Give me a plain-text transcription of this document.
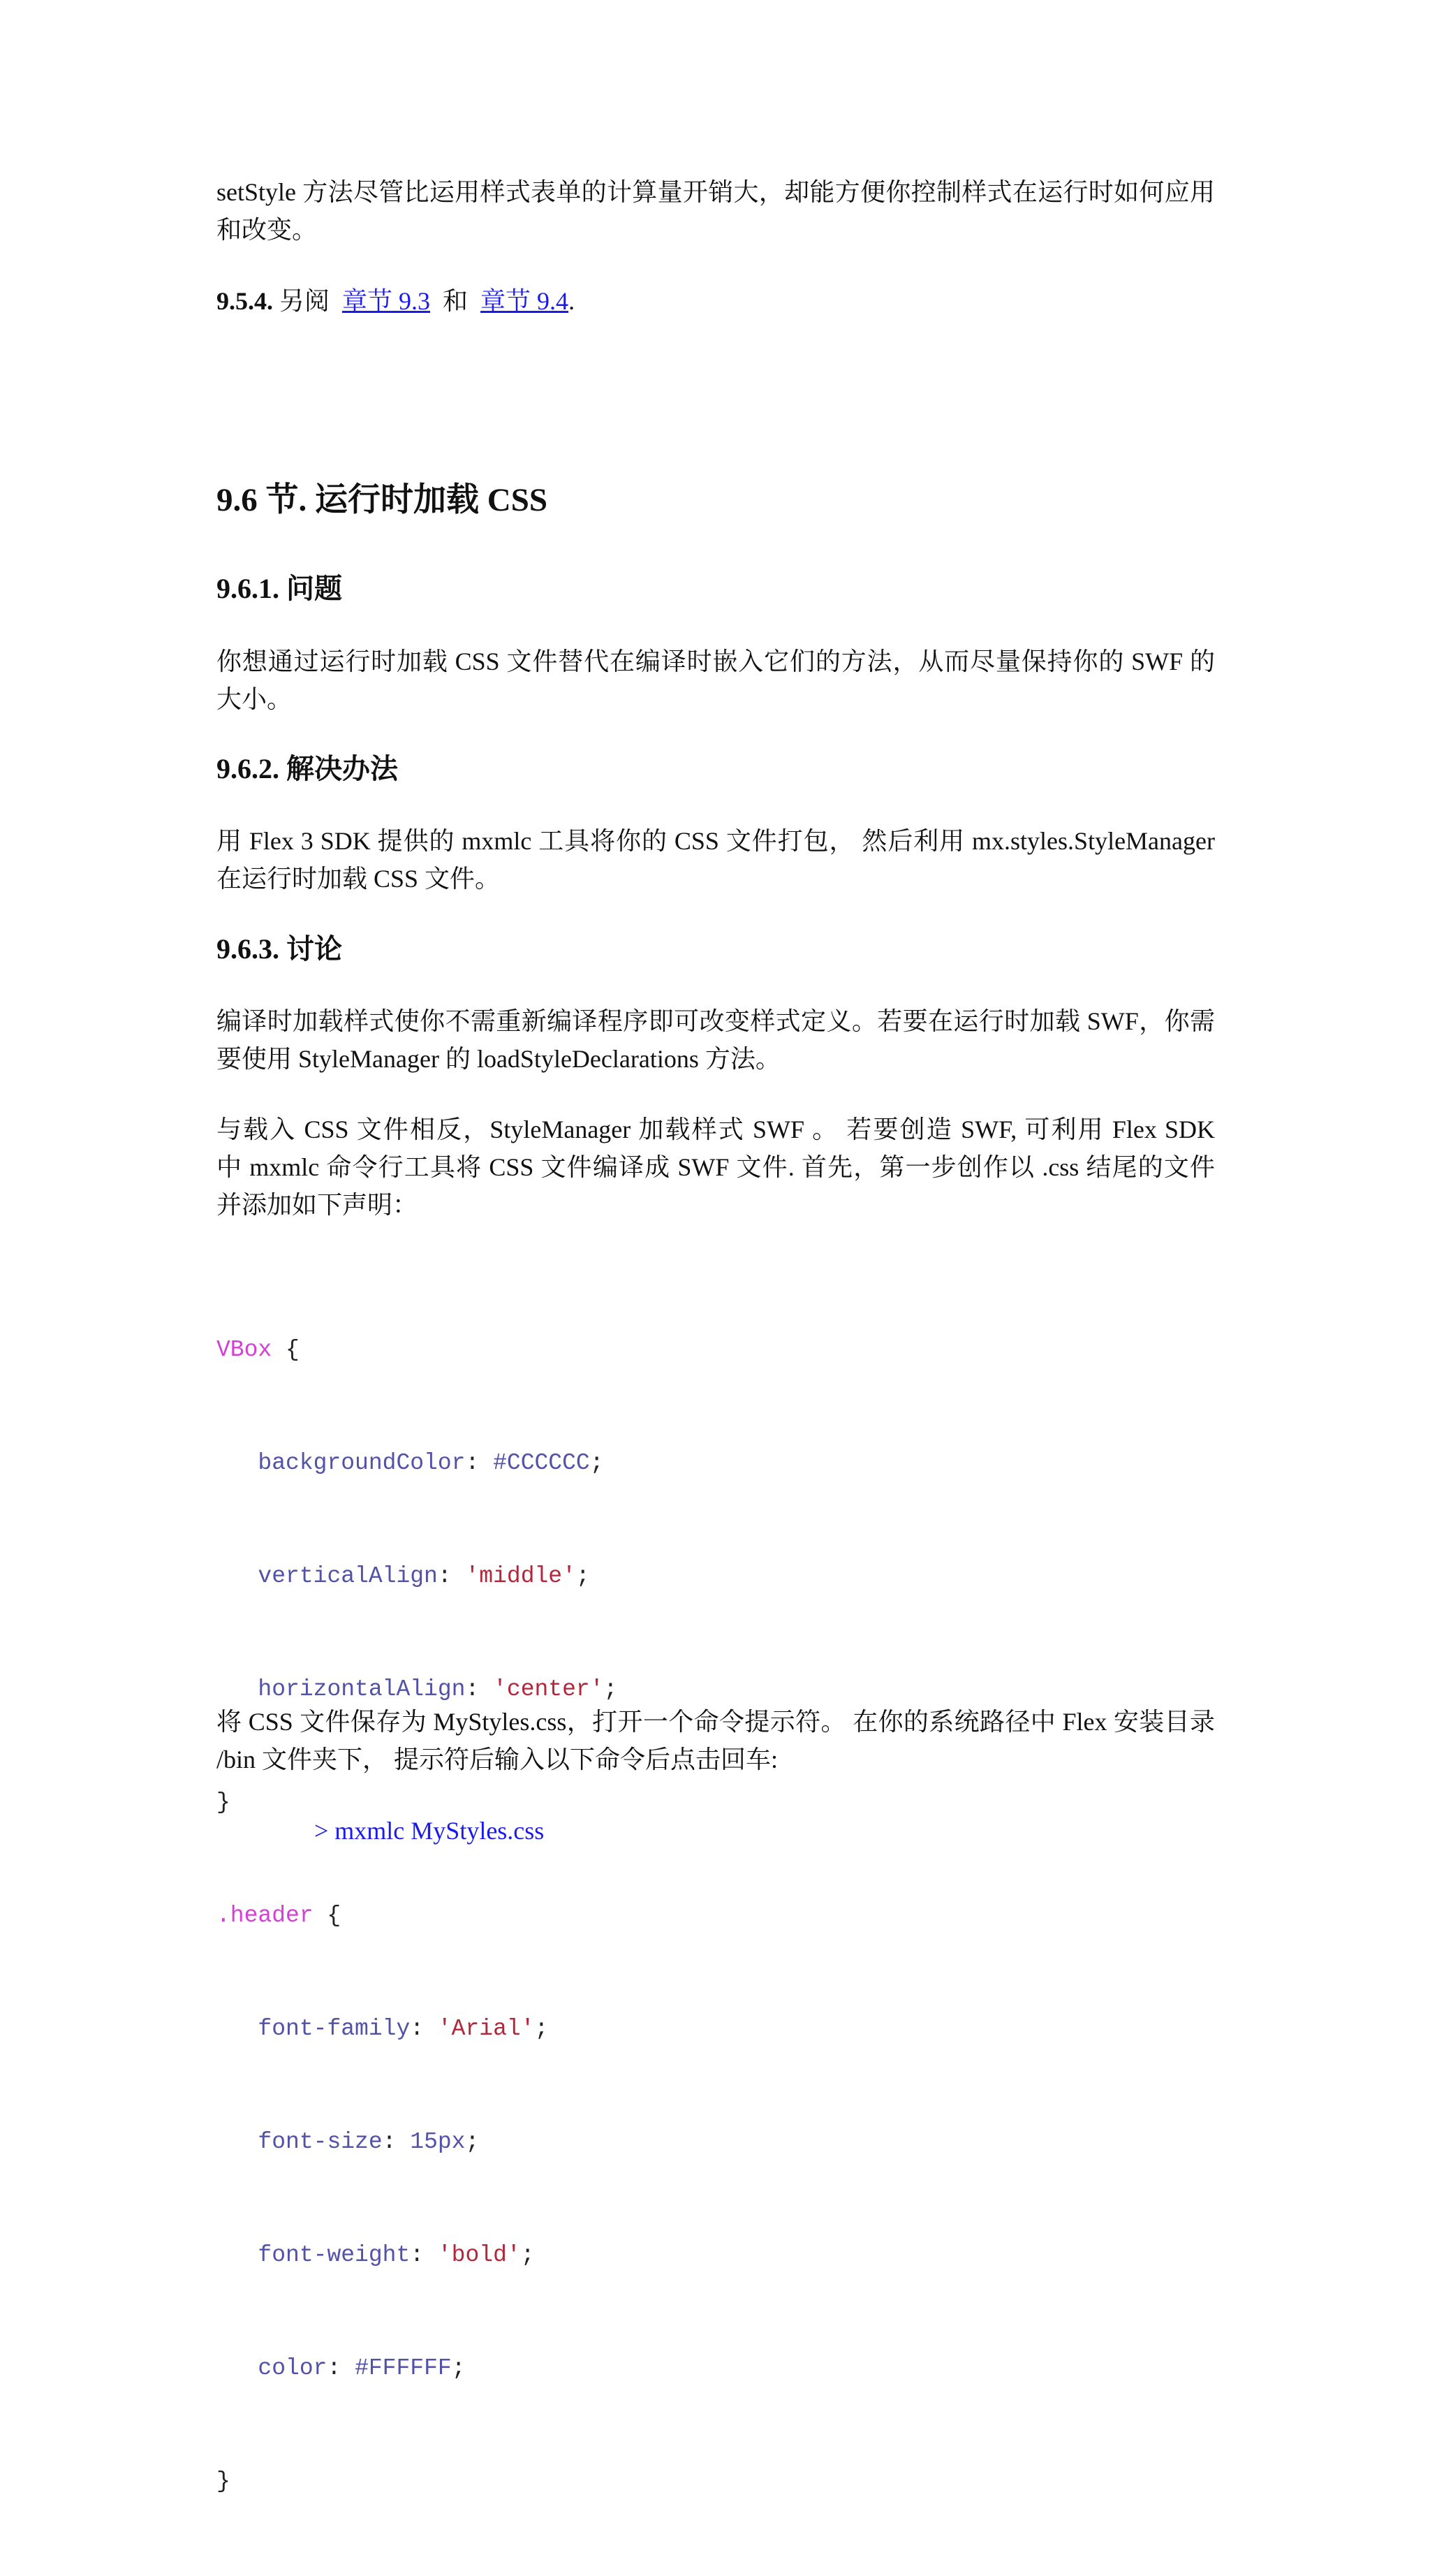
setStyle 方法尽管比运用样式表单的计算量开销大，却能方便你控制样式在运行时如何应用
和改变。

9.5.4. 另阅 章节 9.3 和 章节 9.4.

9.6 节. 运行时加载 CSS
9.6.1. 问题

你想通过运行时加载 CSS 文件替代在编译时嵌入它们的方法，从而尽量保持你的 SWF 的
大小。

9.6.2. 解决办法

用 Flex 3 SDK 提供的 mxmlc 工具将你的 CSS 文件打包， 然后利用 mx.styles.StyleManager
在运行时加载 CSS 文件。

9.6.3. 讨论

编译时加载样式使你不需重新编译程序即可改变样式定义。若要在运行时加载 SWF，你需
要使用 StyleManager 的 loadStyleDeclarations 方法。

与载入 CSS 文件相反，StyleManager 加载样式 SWF 。 若要创造 SWF, 可利用 Flex SDK
中 mxmlc 命令行工具将 CSS 文件编译成 SWF 文件. 首先，第一步创作以 .css 结尾的文件
并添加如下声明：

VBox {

backgroundColor: #CCCCCC;

verticalAlign: 'middle';

horizontalAlign: 'center';

}

.header {

font-family: 'Arial';

font-size: 15px;

font-weight: 'bold';

color: #FFFFFF;

}

将 CSS 文件保存为 MyStyles.css，打开一个命令提示符。 在你的系统路径中 Flex 安装目录
/bin 文件夹下， 提示符后输入以下命令后点击回车:

> mxmlc MyStyles.css
